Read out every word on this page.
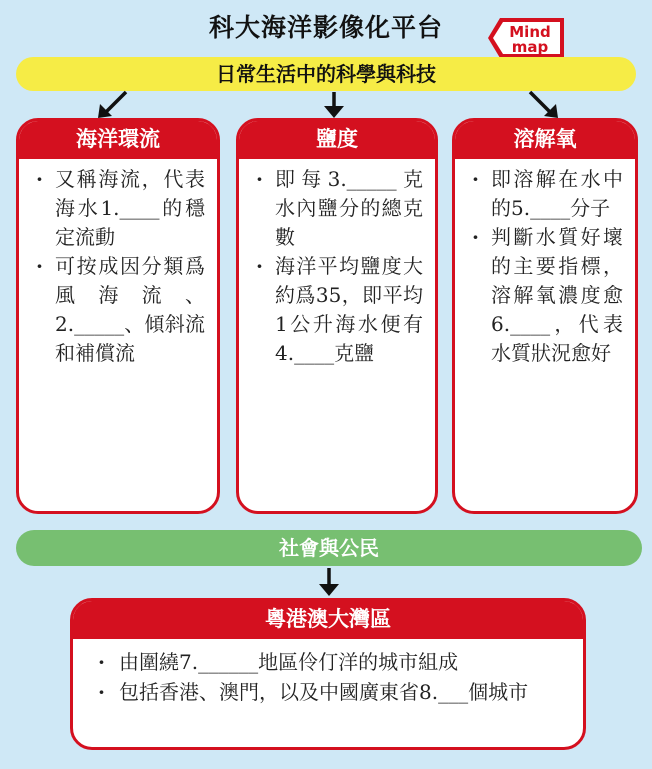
科大海洋影像化平台	Mind
map
日常生活中的科學與科技
海洋環流
· 又稱海流，代表海水1.____的穩定流動
· 可按成因分類爲風海流、2._____、傾斜流和補償流
鹽度
· 即每3._____克水內鹽分的總克數
· 海洋平均鹽度大約爲35，即平均1公升海水便有4.____克鹽
溶解氧
· 即溶解在水中的5.____分子
· 判斷水質好壞的主要指標，溶解氧濃度愈6.____，代表水質狀況愈好
社會與公民
粵港澳大灣區
· 由圍繞7.______地區伶仃洋的城市組成
· 包括香港、澳門，以及中國廣東省8.___個城市
